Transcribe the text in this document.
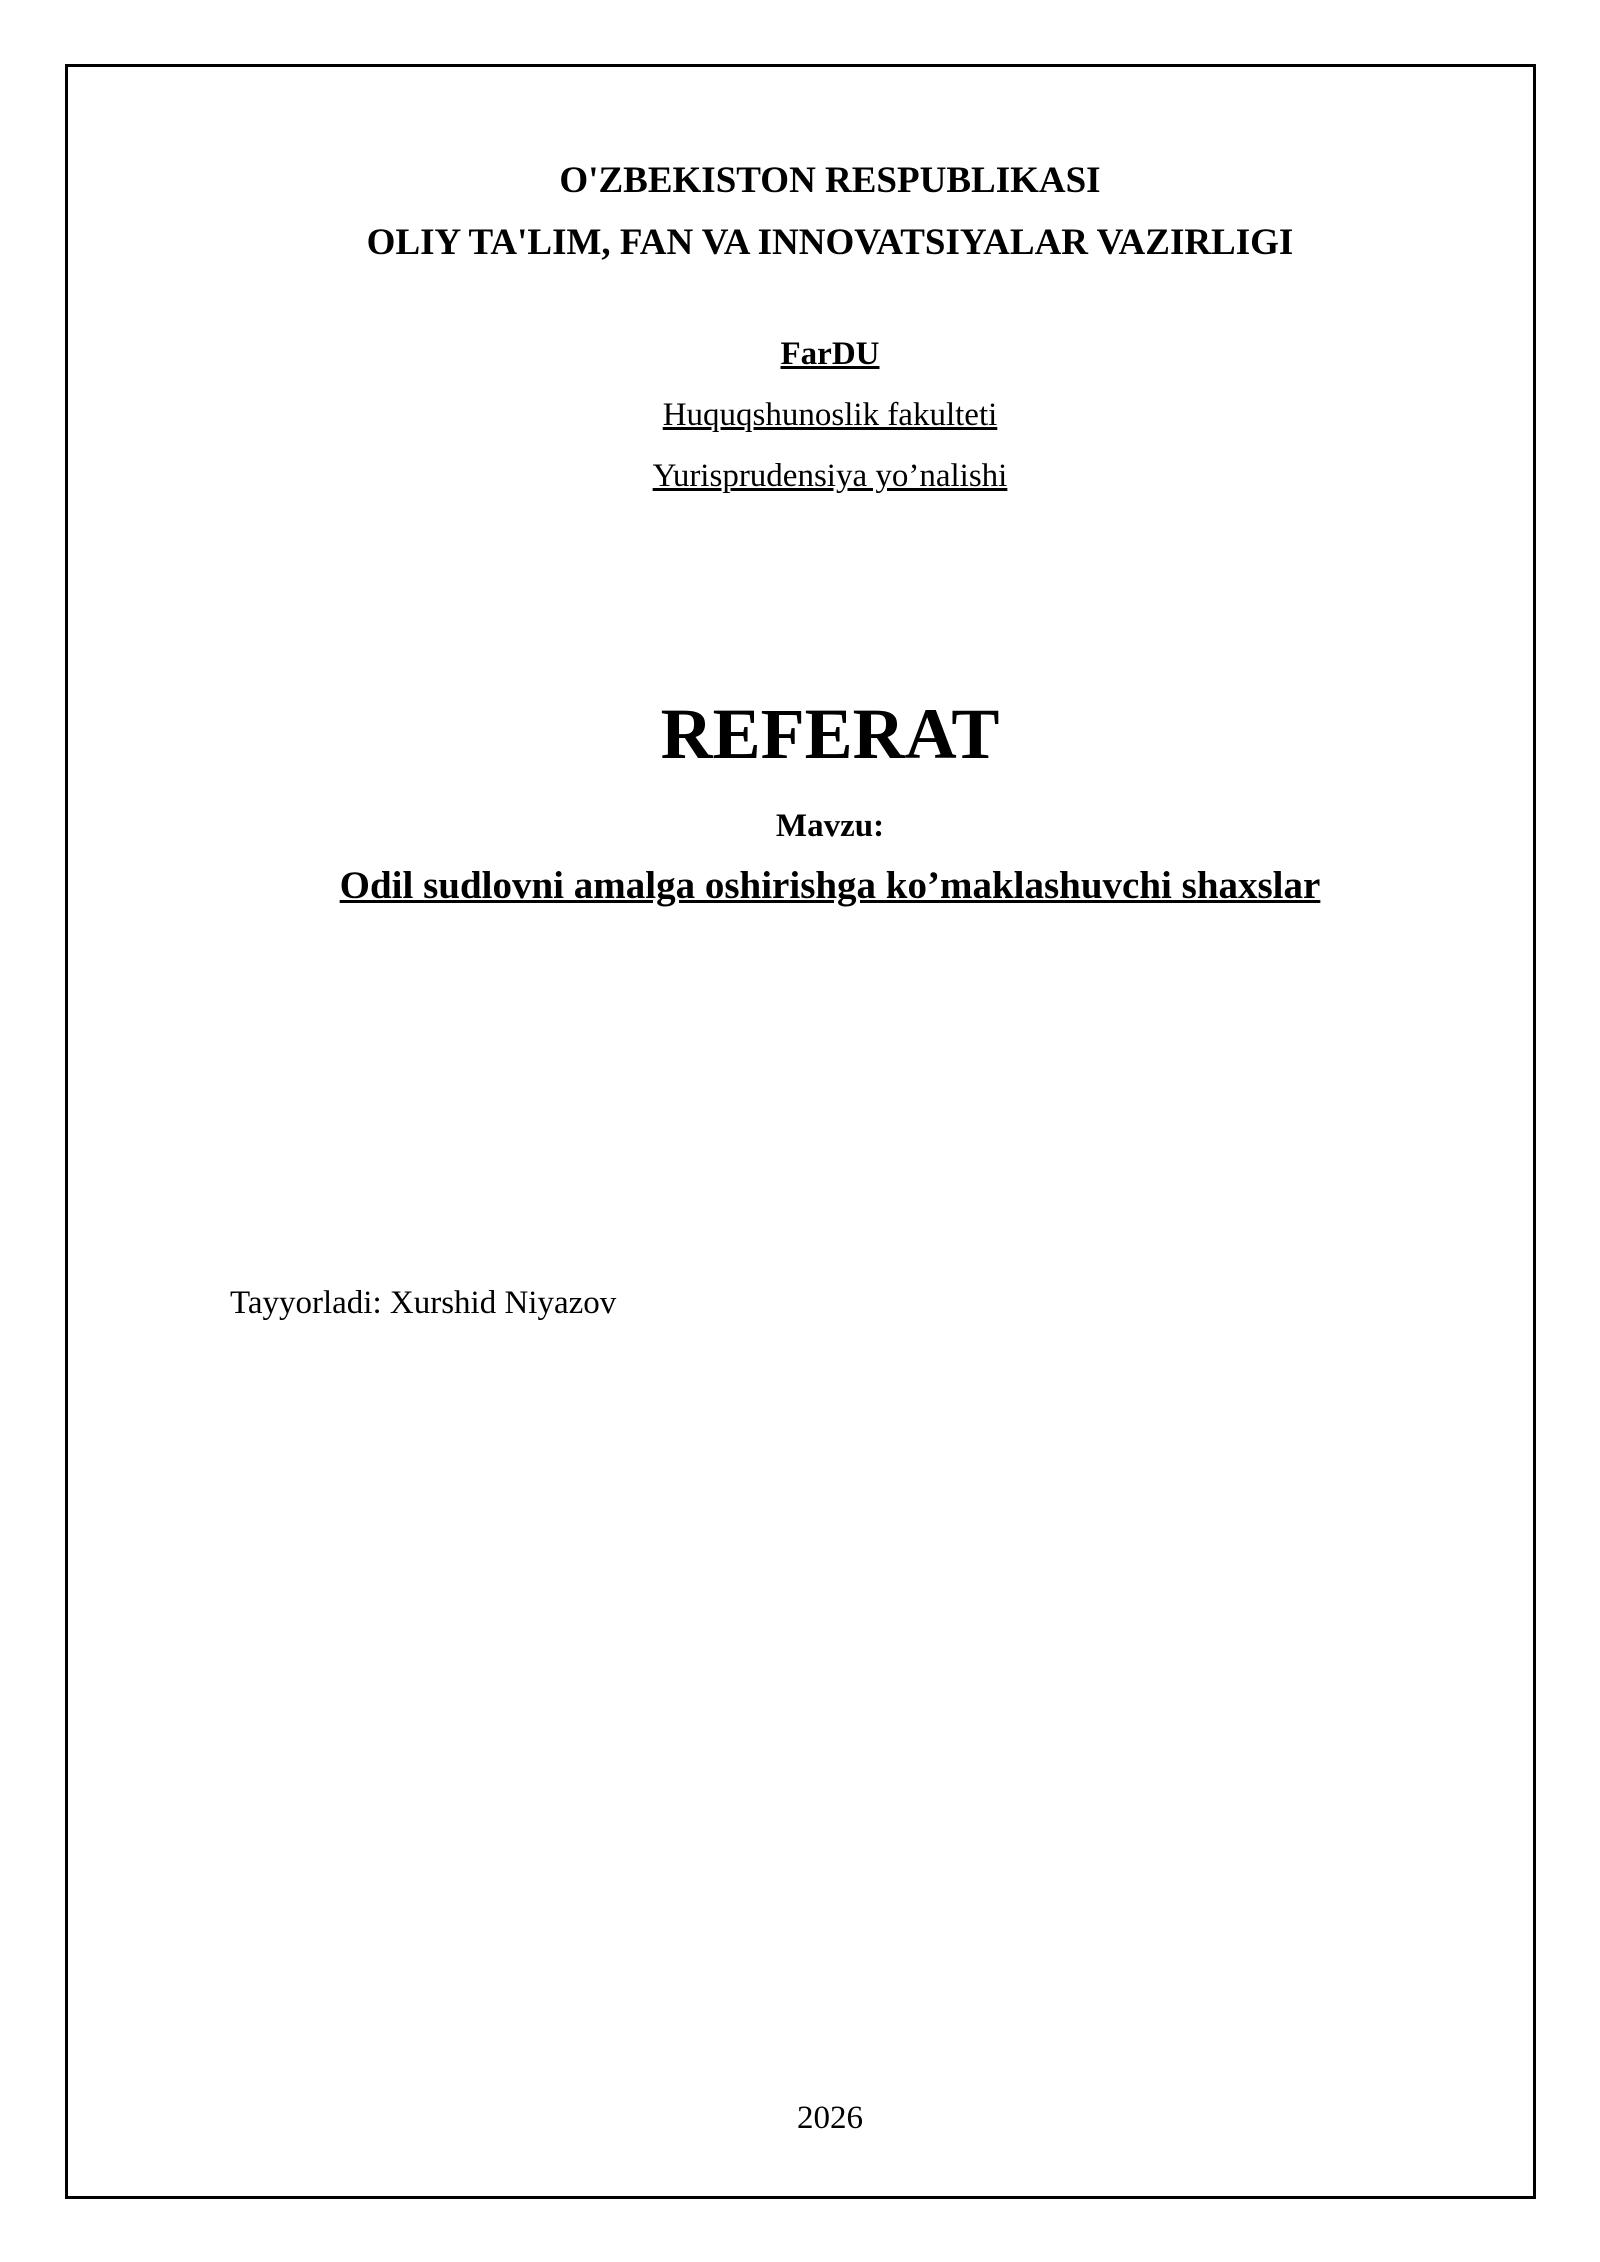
O'ZBEKISTON RESPUBLIKASI
OLIY TA'LIM, FAN VA INNOVATSIYALAR VAZIRLIGI
FarDU
Huquqshunoslik fakulteti
Yurisprudensiya yo’nalishi
REFERAT
Mavzu:
Odil sudlovni amalga oshirishga ko’maklashuvchi shaxslar
Tayyorladi: Xurshid Niyazov
2026
